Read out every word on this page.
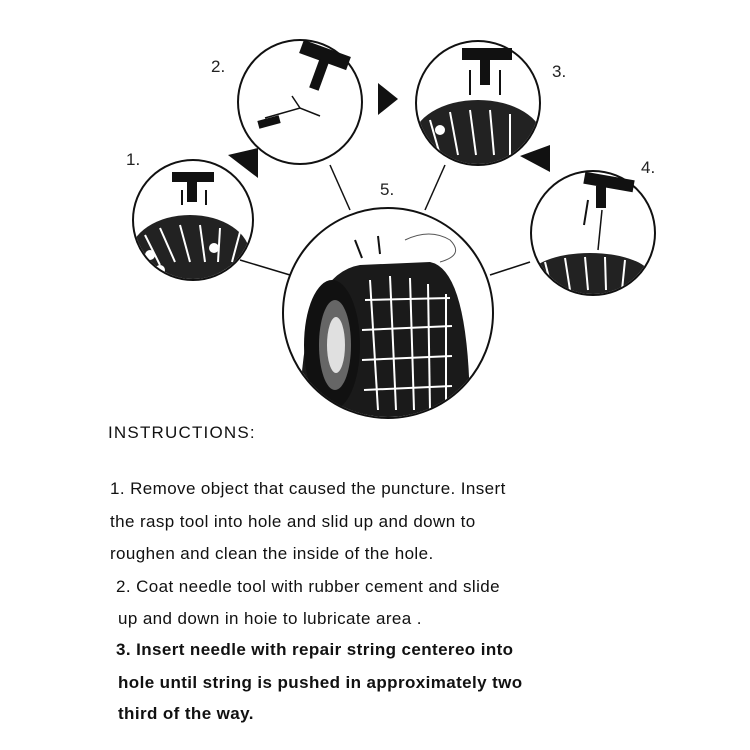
1.
2.	3.
4.
5.
INSTRUCTIONS:
1. Remove object that caused the puncture. Insert
the rasp tool into hole and slid up and down to
roughen and clean the inside of the hole.
2. Coat needle tool with rubber cement and slide
up and down in hoie to lubricate area .
3. Insert needle with repair string centereo into
hole until string is pushed in approximately two
third of the way.
